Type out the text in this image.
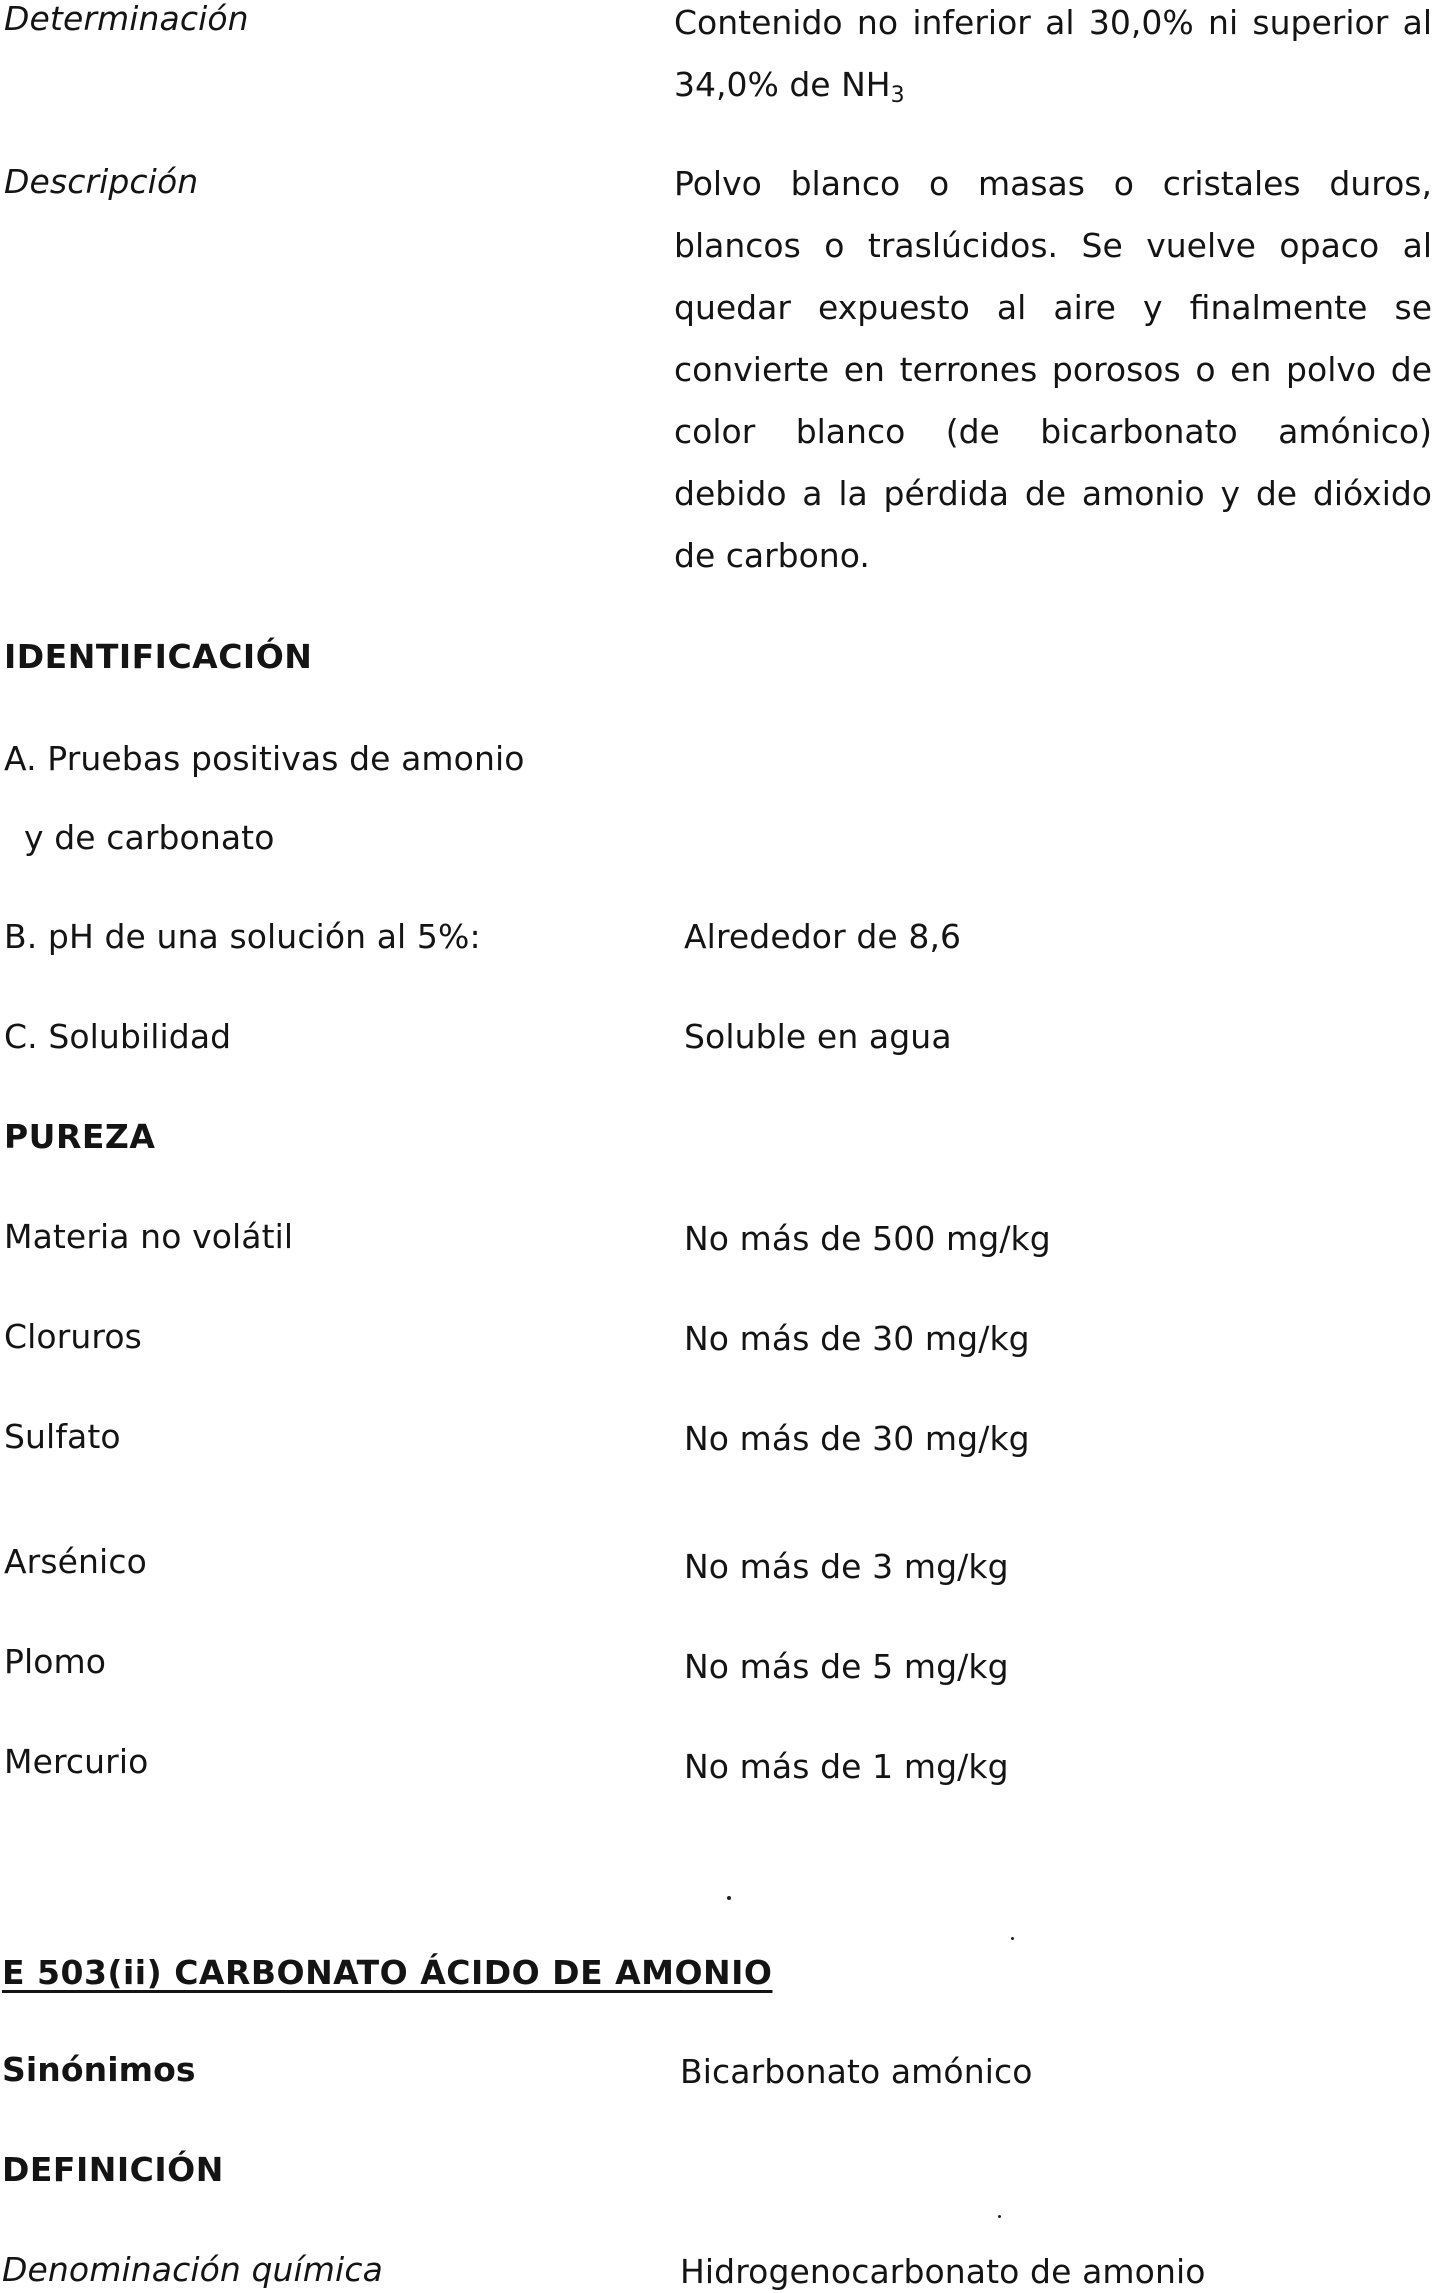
Determinación	Contenido no inferior al 30,0% ni superior al 34,0% de $NH_3$
Descripción	Polvo blanco o masas o cristales duros, blancos o traslúcidos. Se vuelve opaco al quedar expuesto al aire y finalmente se convierte en terrones porosos o en polvo de color blanco (de bicarbonato amónico) debido a la pérdida de amonio y de dióxido de carbono.
IDENTIFICACIÓN
A. Pruebas positivas de amonio
y de carbonato
B. pH de una solución al 5%:	Alrededor de 8,6
C. Solubilidad	Soluble en agua
PUREZA
Materia no volátil	No más de 500 mg/kg
Cloruros	No más de 30 mg/kg
Sulfato	No más de 30 mg/kg
Arsénico	No más de 3 mg/kg
Plomo	No más de 5 mg/kg
Mercurio	No más de 1 mg/kg
E 503(ii) CARBONATO ÁCIDO DE AMONIO
Sinónimos	Bicarbonato amónico
DEFINICIÓN
Denominación química	Hidrogenocarbonato de amonio
